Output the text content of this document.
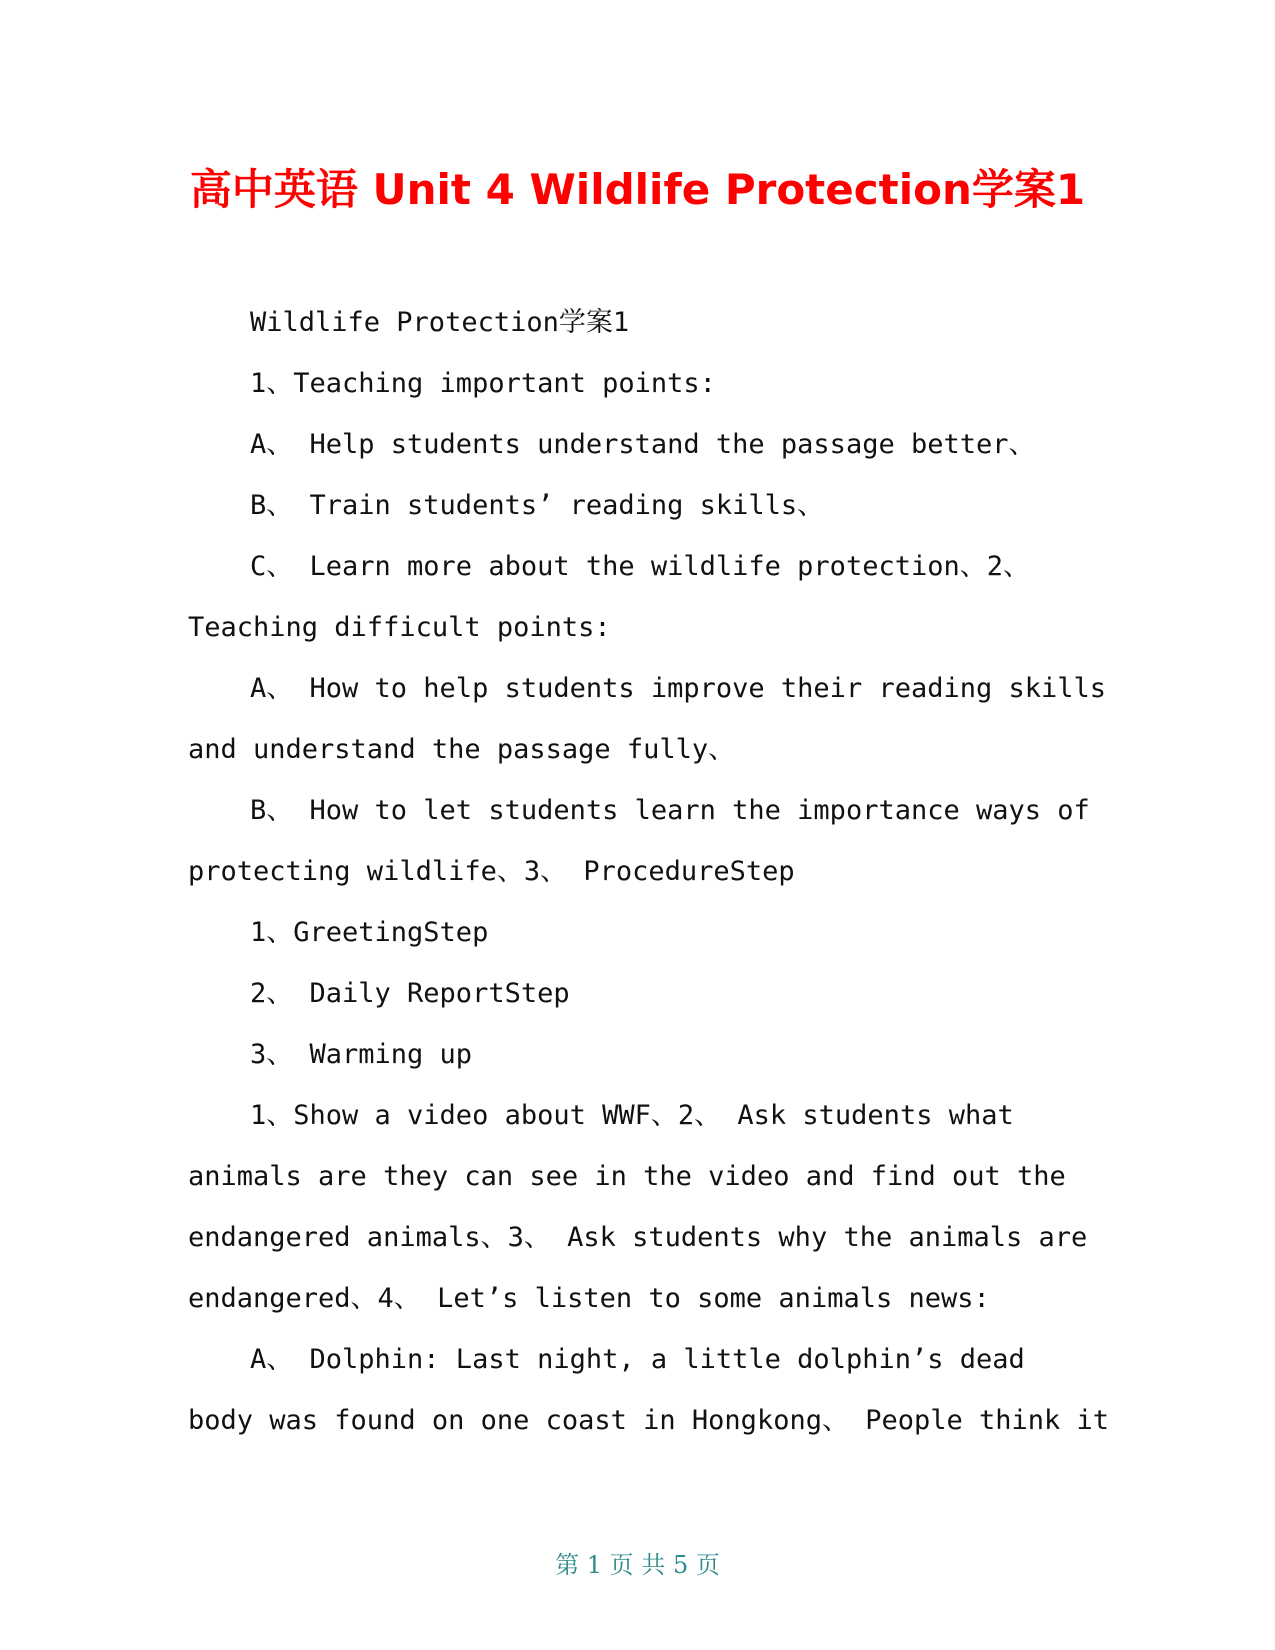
高中英语 Unit 4 Wildlife Protection学案1
Wildlife Protection学案1
1、Teaching important points:
A、 Help students understand the passage better、
B、 Train students’ reading skills、
C、 Learn more about the wildlife protection、2、
Teaching difficult points:
A、 How to help students improve their reading skills
and understand the passage fully、
B、 How to let students learn the importance ways of
protecting wildlife、3、 ProcedureStep
1、GreetingStep
2、 Daily ReportStep
3、 Warming up
1、Show a video about WWF、2、 Ask students what
animals are they can see in the video and find out the
endangered animals、3、 Ask students why the animals are
endangered、4、 Let’s listen to some animals news:
A、 Dolphin: Last night, a little dolphin’s dead
body was found on one coast in Hongkong、 People think it
第 1 页 共 5 页
